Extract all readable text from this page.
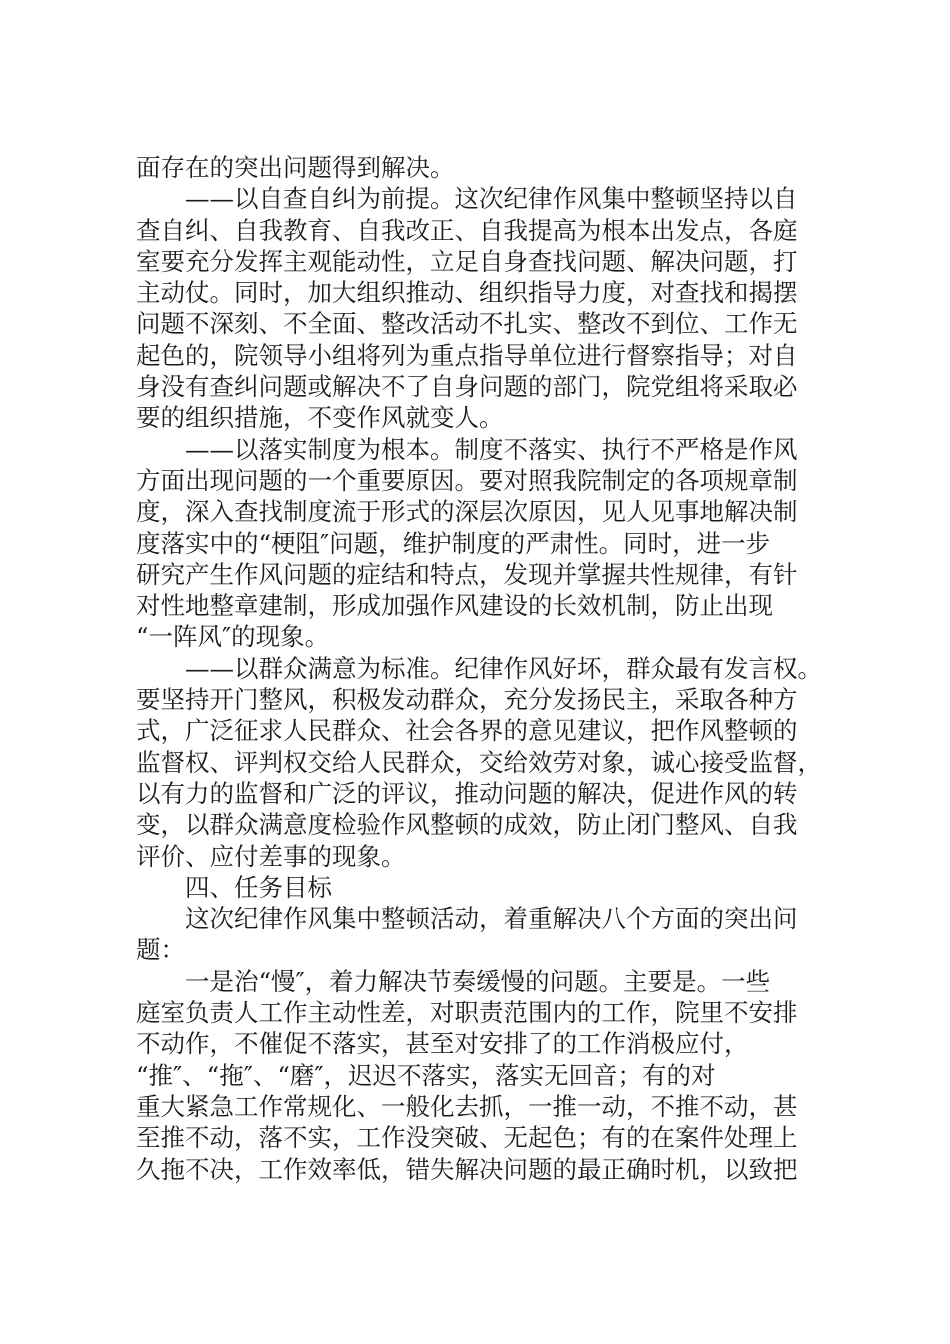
面存在的突出问题得到解决。
——以自查自纠为前提。这次纪律作风集中整顿坚持以自
查自纠、自我教育、自我改正、自我提高为根本出发点，各庭
室要充分发挥主观能动性，立足自身查找问题、解决问题，打
主动仗。同时，加大组织推动、组织指导力度，对查找和揭摆
问题不深刻、不全面、整改活动不扎实、整改不到位、工作无
起色的，院领导小组将列为重点指导单位进行督察指导；对自
身没有查纠问题或解决不了自身问题的部门，院党组将采取必
要的组织措施，不变作风就变人。
——以落实制度为根本。制度不落实、执行不严格是作风
方面出现问题的一个重要原因。要对照我院制定的各项规章制
度，深入查找制度流于形式的深层次原因，见人见事地解决制
度落实中的“梗阻″问题，维护制度的严肃性。同时，进一步
研究产生作风问题的症结和特点，发现并掌握共性规律，有针
对性地整章建制，形成加强作风建设的长效机制，防止出现
“一阵风″的现象。
——以群众满意为标准。纪律作风好坏，群众最有发言权。
要坚持开门整风，积极发动群众，充分发扬民主，采取各种方
式，广泛征求人民群众、社会各界的意见建议，把作风整顿的
监督权、评判权交给人民群众，交给效劳对象，诚心接受监督，
以有力的监督和广泛的评议，推动问题的解决，促进作风的转
变，以群众满意度检验作风整顿的成效，防止闭门整风、自我
评价、应付差事的现象。
四、任务目标
这次纪律作风集中整顿活动，着重解决八个方面的突出问
题：
一是治“慢″，着力解决节奏缓慢的问题。主要是。一些
庭室负责人工作主动性差，对职责范围内的工作，院里不安排
不动作，不催促不落实，甚至对安排了的工作消极应付，
“推″、“拖″、“磨″，迟迟不落实，落实无回音；有的对
重大紧急工作常规化、一般化去抓，一推一动，不推不动，甚
至推不动，落不实，工作没突破、无起色；有的在案件处理上
久拖不决，工作效率低，错失解决问题的最正确时机，以致把
